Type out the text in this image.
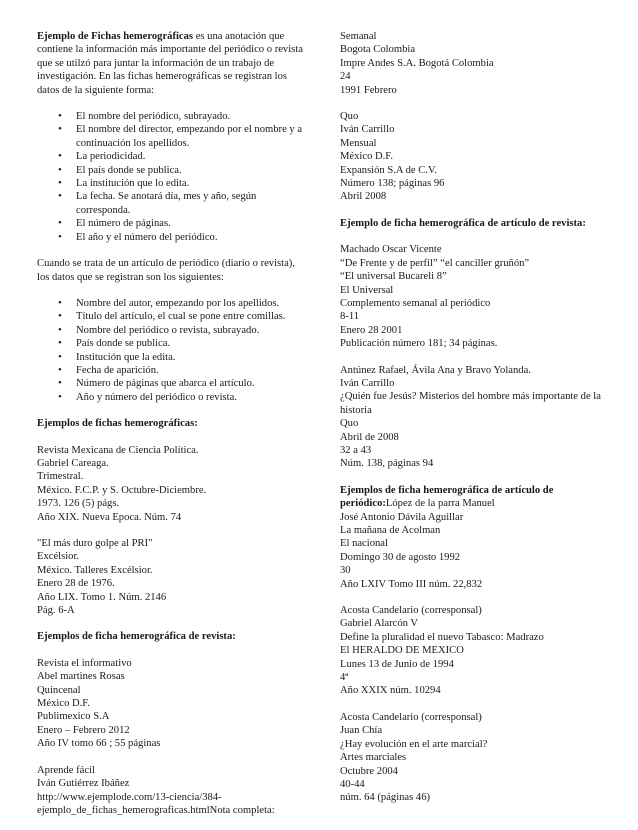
Ejemplo de Fichas hemerográficas es una anotación que contiene la información más importante del periódico o revista que se utilzó para juntar la información de un trabajo de investigación. En las fichas hemerográficas se registran los datos de la siguiente forma:

• El nombre del periódico, subrayado.
• El nombre del director, empezando por el nombre y a continuación los apellidos.
• La periodicidad.
• El país donde se publica.
• La institución que lo edita.
• La fecha. Se anotará día, mes y año, según corresponda.
• El número de páginas.
• El año y el número del periódico.

Cuando se trata de un artículo de periódico (diario o revista), los datos que se registran son los siguientes:

• Nombre del autor, empezando por los apellidos.
• Título del artículo, el cual se pone entre comillas.
• Nombre del periódico o revista, subrayado.
• País donde se publica.
• Institución que la edita.
• Fecha de aparición.
• Número de páginas que abarca el artículo.
• Año y número del periódico o revista.

Ejemplos de fichas hemerográficas:

Revista Mexicana de Ciencia Política.
Gabriel Careaga.
Trimestral.
México. F.C.P. y S. Octubre-Diciembre.
1973. 126 (5) págs.
Año XIX. Nueva Epoca. Núm. 74
"El más duro golpe al PRI"
Excélsior.
México. Talleres Excélsior.
Enero 28 de 1976.
Año LIX. Tomo 1. Núm. 2146
Pág. 6-A

Ejemplos de ficha hemerográfica de revista:

Revista el informativo
Abel martines Rosas
Quincenal
México D.F.
Publimexico S.A
Enero – Febrero 2012
Año IV tomo 66 ; 55 páginas
Aprende fácil
Iván Gutiérrez Ibáñez
http://www.ejemplode.com/13-ciencia/384-ejemplo_de_fichas_hemerograficas.htmlNota completa:
Semanal
Bogota Colombia
Impre Andes S.A. Bogotá Colombia
24
1991 Febrero
Quo
Iván Carrillo
Mensual
México D.F.
Expansión S.A de C.V.
Número 138; páginas 96
Abril 2008

Ejemplo de ficha hemerográfica de artículo de revista:

Machado Oscar Vicente
“De Frente y de perfil” “el canciller gruñón”
“El universal Bucareli 8”
El Universal
Complemento semanal al periódico
8-11
Enero 28 2001
Publicación número 181; 34 páginas.
Antúnez Rafael, Ávila Ana y Bravo Yolanda.
Iván Carrillo
¿Quién fue Jesús? Misterios del hombre más importante de la historia
Quo
Abril de 2008
32 a 43
Núm. 138, páginas 94
Ejemplos de ficha hemerográfica de artículo de periódico:López de la parra Manuel
José Antonio Dávila Aguillar
La mañana de Acolman
El nacional
Domingo 30 de agosto 1992
30
Año LXIV Tomo III núm. 22,832
Acosta Candelario (corresponsal)
Gabriel Alarcón V
Define la pluralidad el nuevo Tabasco: Madrazo
El HERALDO DE MEXICO
Lunes 13 de Junio de 1994
4ª
Año XXIX núm. 10294
Acosta Candelario (corresponsal)
Juan Chía
¿Hay evolución en el arte marcial?
Artes marciales
Octubre 2004
40-44
núm. 64 (páginas 46)
